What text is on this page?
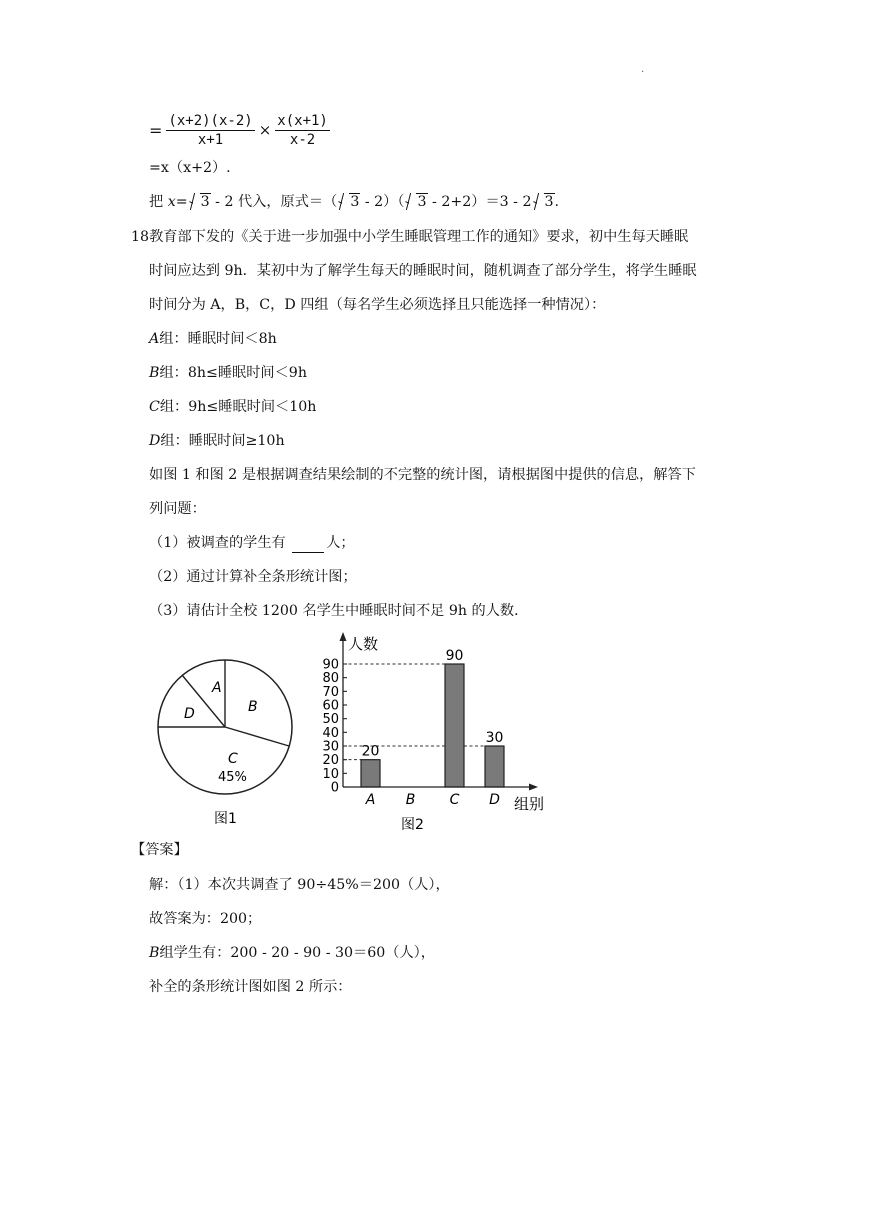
.
= $\frac{(x+2)(x-2)}{x+1} \times \frac{x(x+1)}{x-2}$
=x（x+2）.
把 x= 3 - 2 代入，原式＝（ 3 - 2）（ 3 - 2+2）＝3 - 2 3.
18教育部下发的《关于进一步加强中小学生睡眠管理工作的通知》要求，初中生每天睡眠
时间应达到 9h．某初中为了解学生每天的睡眠时间，随机调查了部分学生，将学生睡眠
时间分为 A，B，C，D 四组（每名学生必须选择且只能选择一种情况）：
A组：睡眠时间＜8h
B组：8h≤睡眠时间＜9h
C组：9h≤睡眠时间＜10h
D组：睡眠时间≥10h
如图 1 和图 2 是根据调查结果绘制的不完整的统计图，请根据图中提供的信息，解答下
列问题：
（1）被调查的学生有	人；
（2）通过计算补全条形统计图；
（3）请估计全校 1200 名学生中睡眠时间不足 9h 的人数．
A
B
D
C
45%
图1
0
10
20
30
40
50
60
70
80
90
20
A B
90
C
30
D
人数
组别
图2
【答案】
解：（1）本次共调查了 90÷45%＝200（人），
故答案为：200；
B组学生有：200 - 20 - 90 - 30＝60（人），
补全的条形统计图如图 2 所示：
